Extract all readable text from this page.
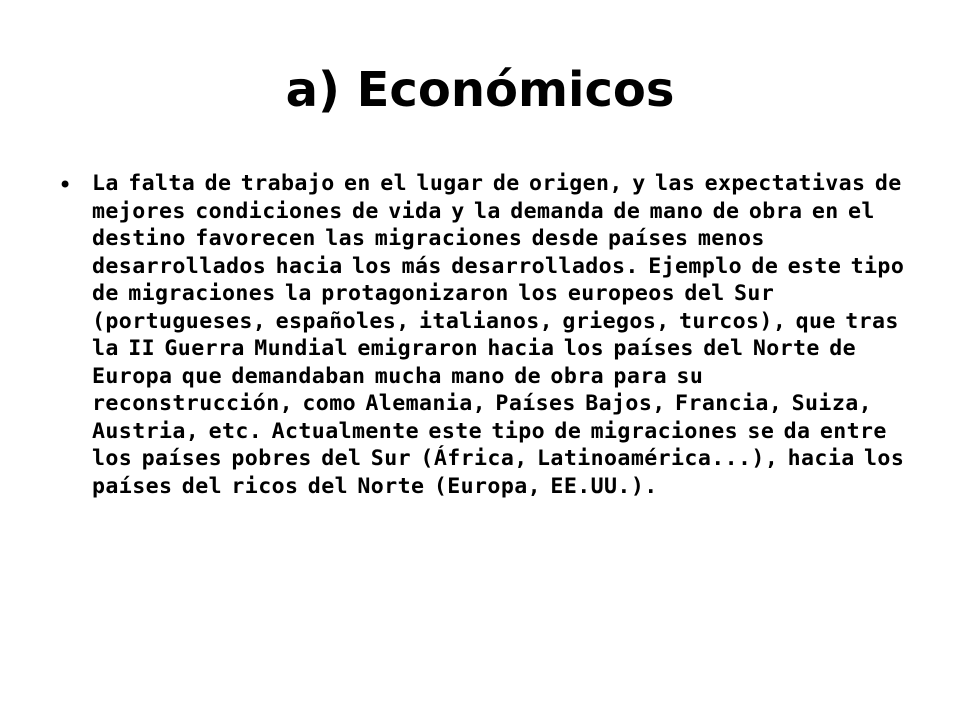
a) Económicos
• La falta de trabajo en el lugar de origen, y las expectativas de mejores condiciones de vida y la demanda de mano de obra en el destino favorecen las migraciones desde países menos desarrollados hacia los más desarrollados. Ejemplo de este tipo de migraciones la protagonizaron los europeos del Sur (portugueses, españoles, italianos, griegos, turcos), que tras la II Guerra Mundial emigraron hacia los países del Norte de Europa que demandaban mucha mano de obra para su reconstrucción, como Alemania, Países Bajos, Francia, Suiza, Austria, etc. Actualmente este tipo de migraciones se da entre los países pobres del Sur (África, Latinoamérica...), hacia los países del ricos del Norte (Europa, EE.UU.).
